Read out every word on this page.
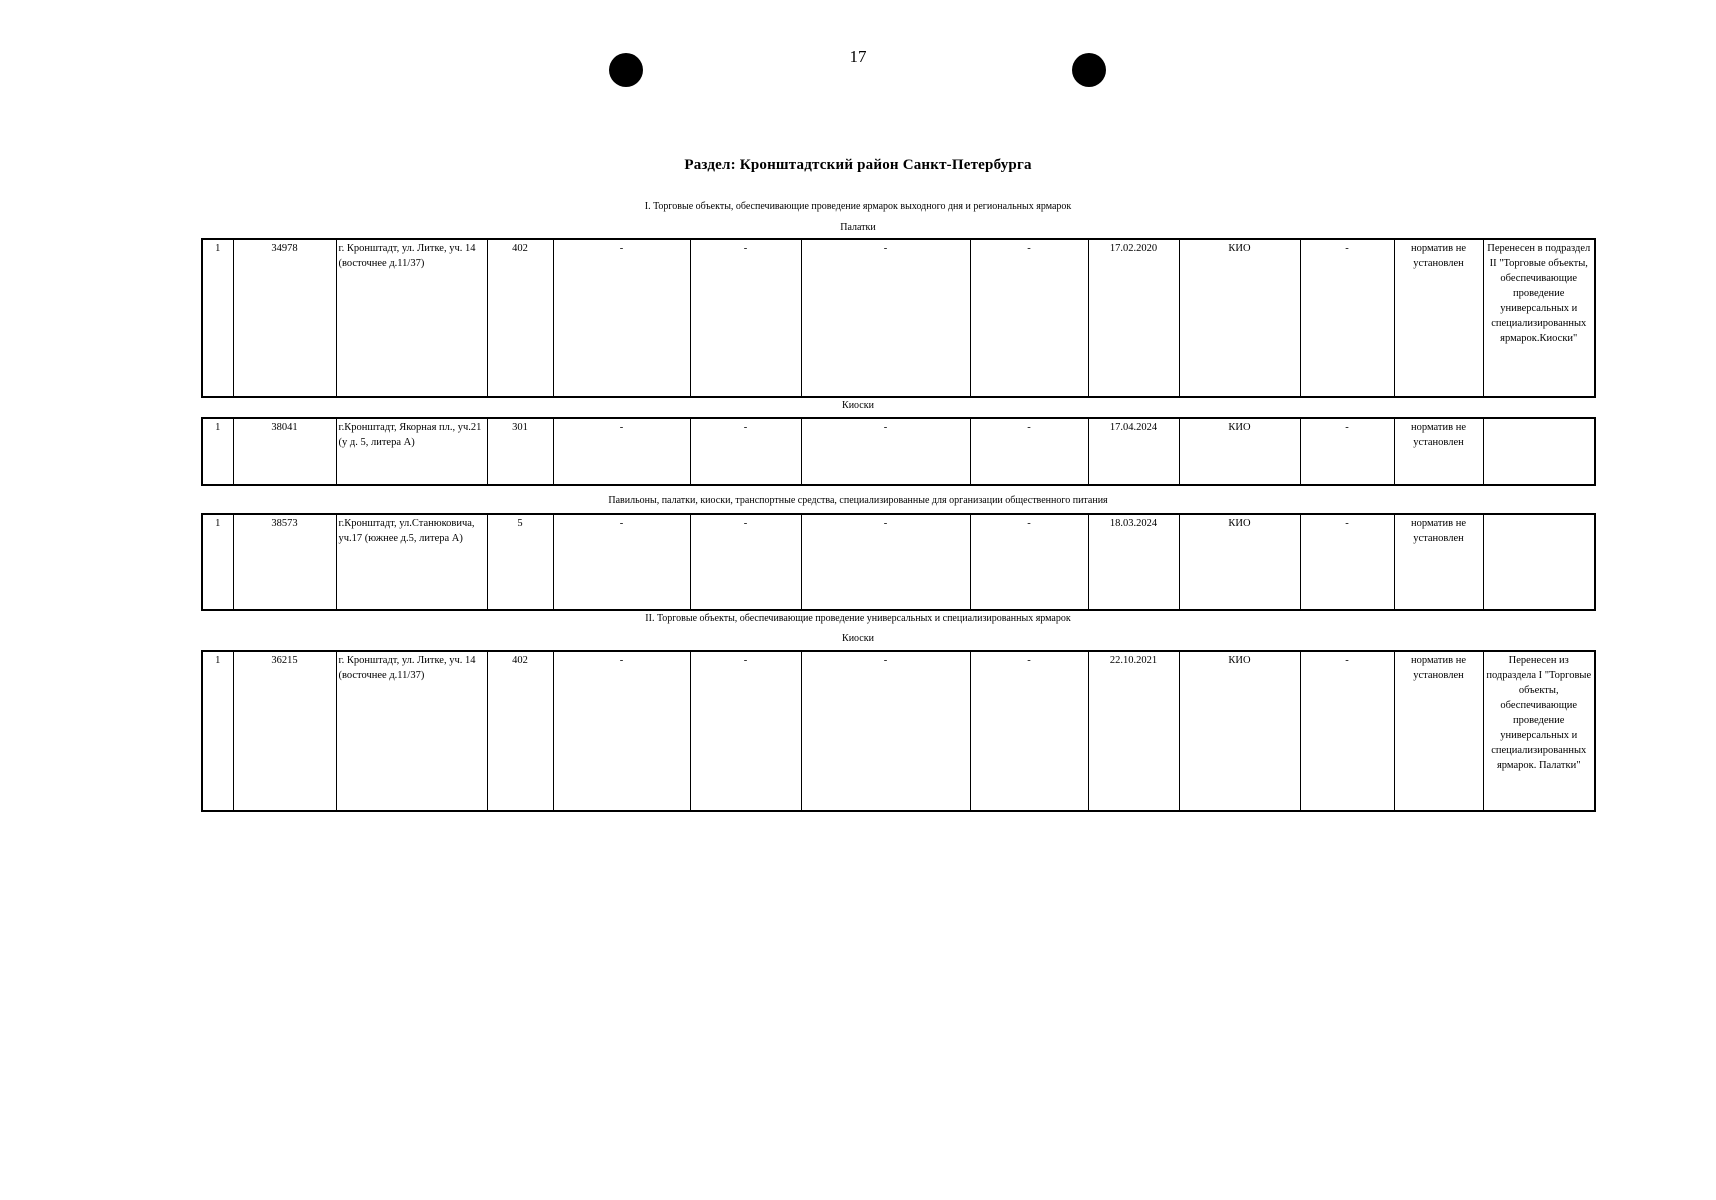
17
Раздел: Кронштадтский район Санкт-Петербурга
I. Торговые объекты, обеспечивающие проведение ярмарок выходного дня и региональных ярмарок
Палатки
Киоски
Павильоны, палатки, киоски, транспортные средства, специализированные для организации общественного питания
II. Торговые объекты, обеспечивающие проведение универсальных и специализированных ярмарок
Киоски
1	34978	г. Кронштадт, ул. Литке, уч. 14 (восточнее д.11/37)	402	-	-	-	-	17.02.2020	КИО	-	норматив не установлен	Перенесен в подраздел II "Торговые объекты, обеспечивающие проведение универсальных и специализированных ярмарок.Киоски"
1	38041	г.Кронштадт, Якорная пл., уч.21 (у д. 5, литера А)	301	-	-	-	-	17.04.2024	КИО	-	норматив не установлен	
1	38573	г.Кронштадт, ул.Станюковича, уч.17 (южнее д.5, литера А)	5	-	-	-	-	18.03.2024	КИО	-	норматив не установлен	
1	36215	г. Кронштадт, ул. Литке, уч. 14 (восточнее д.11/37)	402	-	-	-	-	22.10.2021	КИО	-	норматив не установлен	Перенесен из подраздела I "Торговые объекты, обеспечивающие проведение универсальных и специализированных ярмарок. Палатки"
